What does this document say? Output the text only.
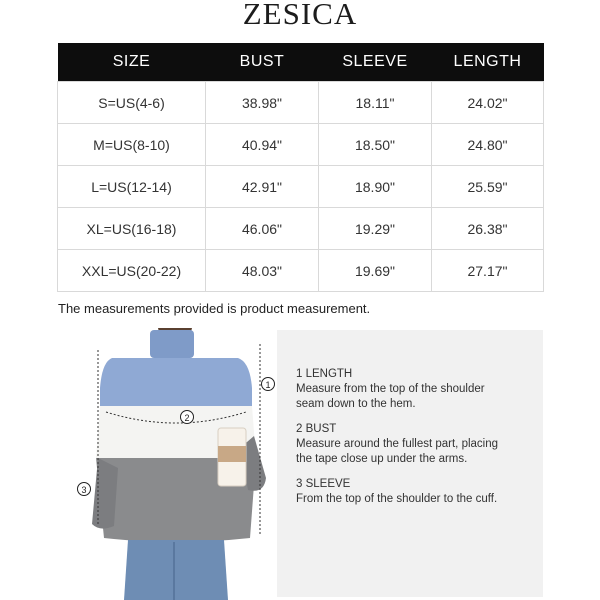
ZESICA
SIZE	BUST	SLEEVE	LENGTH
S=US(4-6)	38.98"	18.11"	24.02"
M=US(8-10)	40.94"	18.50"	24.80"
L=US(12-14)	42.91"	18.90"	25.59"
XL=US(16-18)	46.06"	19.29"	26.38"
XXL=US(20-22)	48.03"	19.69"	27.17"
The measurements provided is product measurement.
1
2
3
1 LENGTH
Measure from the top of the shoulder
seam down to the hem.
2 BUST
Measure around the fullest part, placing
the tape close up under the arms.
3 SLEEVE
From the top of the shoulder to the cuff.
